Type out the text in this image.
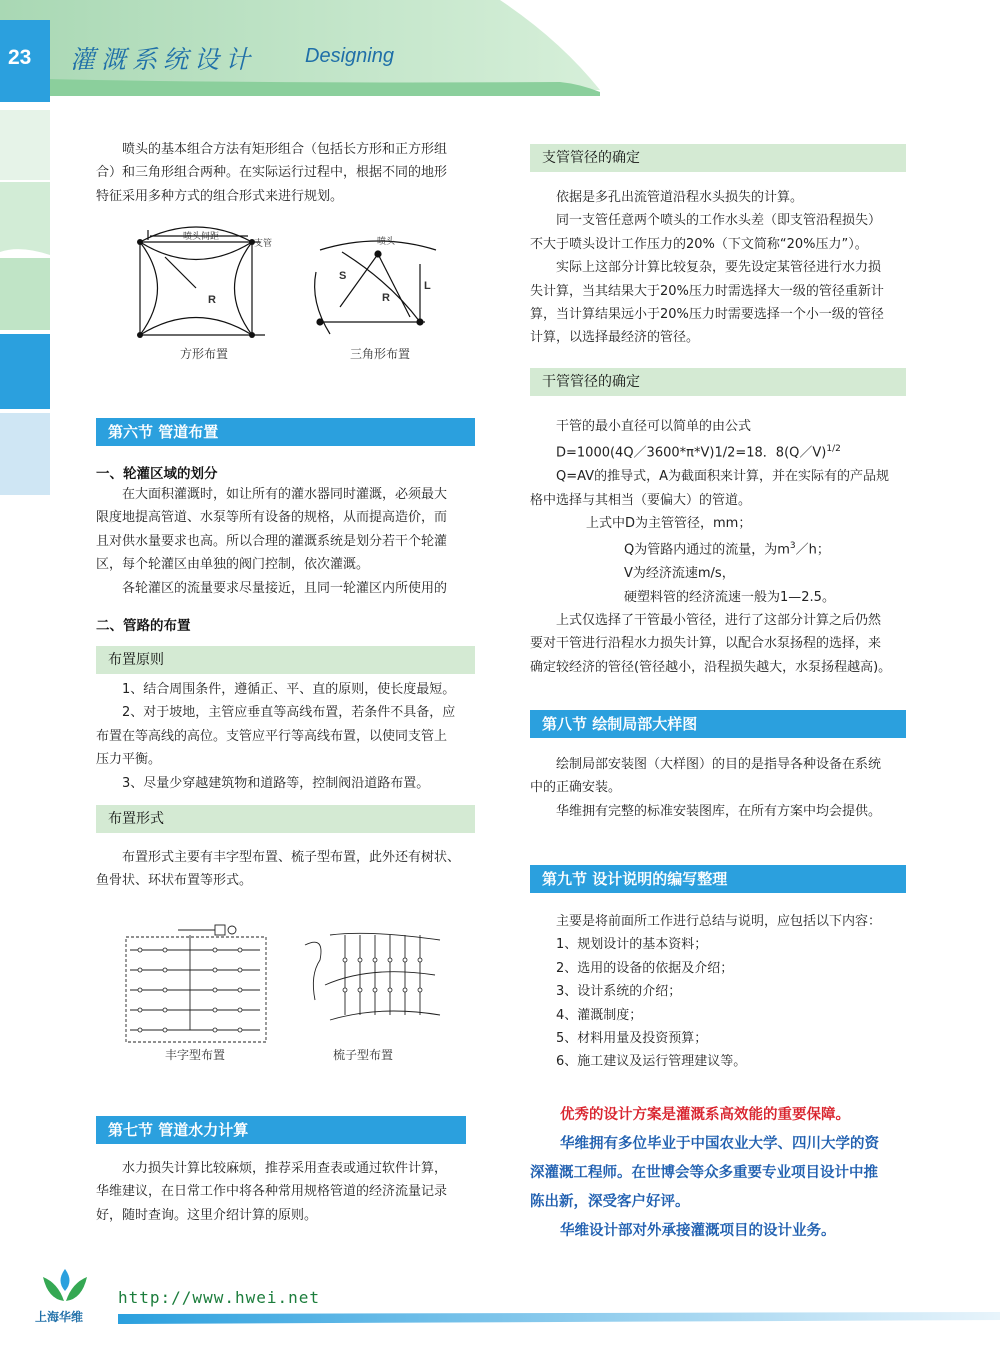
23 灌溉系统设计 Designing

喷头的基本组合方法有矩形组合（包括长方形和正方形组

合）和三角形组合两种。在实际运行过程中，根据不同的地形

特征采用多种方式的组合形式来进行规划。

喷头间距
支管	喷头
R
S
R
L
方形布置	三角形布置
第六节 管道布置
一、轮灌区域的划分

在大面积灌溉时，如让所有的灌水器同时灌溉，必须最大

限度地提高管道、水泵等所有设备的规格，从而提高造价，而

且对供水量要求也高。所以合理的灌溉系统是划分若干个轮灌

区，每个轮灌区由单独的阀门控制，依次灌溉。

各轮灌区的流量要求尽量接近，且同一轮灌区内所使用的

二、管路的布置
布置原则

1、结合周围条件，遵循正、平、直的原则，使长度最短。

2、对于坡地，主管应垂直等高线布置，若条件不具备，应

布置在等高线的高位。支管应平行等高线布置，以使同支管上

压力平衡。

3、尽量少穿越建筑物和道路等，控制阀沿道路布置。

布置形式

布置形式主要有丰字型布置、梳子型布置，此外还有树状、

鱼骨状、环状布置等形式。

丰字型布置	梳子型布置
第七节 管道水力计算

水力损失计算比较麻烦，推荐采用查表或通过软件计算，

华维建议，在日常工作中将各种常用规格管道的经济流量记录

好，随时查询。这里介绍计算的原则。

支管管径的确定

依据是多孔出流管道沿程水头损失的计算。

同一支管任意两个喷头的工作水头差（即支管沿程损失）

不大于喷头设计工作压力的20%（下文简称“20%压力”）。

实际上这部分计算比较复杂，要先设定某管径进行水力损

失计算，当其结果大于20%压力时需选择大一级的管径重新计

算，当计算结果远小于20%压力时需要选择一个小一级的管径

计算，以选择最经济的管径。

干管管径的确定

干管的最小直径可以简单的由公式

D=1000(4Q／3600*π*V)1/2=18．8(Q／V)$^{1/2}$

Q=AV的推导式，A为截面积来计算，并在实际有的产品规

格中选择与其相当（要偏大）的管道。

上式中D为主管管径，mm；

Q为管路内通过的流量，为$m^3/h$；

V为经济流速m/s，

硬塑料管的经济流速一般为1—2.5。

上式仅选择了干管最小管径，进行了这部分计算之后仍然

要对干管进行沿程水力损失计算，以配合水泵扬程的选择，来

确定较经济的管径(管径越小，沿程损失越大，水泵扬程越高)。

第八节 绘制局部大样图

绘制局部安装图（大样图）的目的是指导各种设备在系统

中的正确安装。

华维拥有完整的标准安装图库，在所有方案中均会提供。

第九节 设计说明的编写整理

主要是将前面所工作进行总结与说明，应包括以下内容：

1、规划设计的基本资料；

2、选用的设备的依据及介绍；

3、设计系统的介绍；

4、灌溉制度；

5、材料用量及投资预算；

6、施工建议及运行管理建议等。

优秀的设计方案是灌溉系高效能的重要保障。

华维拥有多位毕业于中国农业大学、四川大学的资

深灌溉工程师。在世博会等众多重要专业项目设计中推

陈出新，深受客户好评。

华维设计部对外承接灌溉项目的设计业务。

上海华维
http://www.hwei.net
